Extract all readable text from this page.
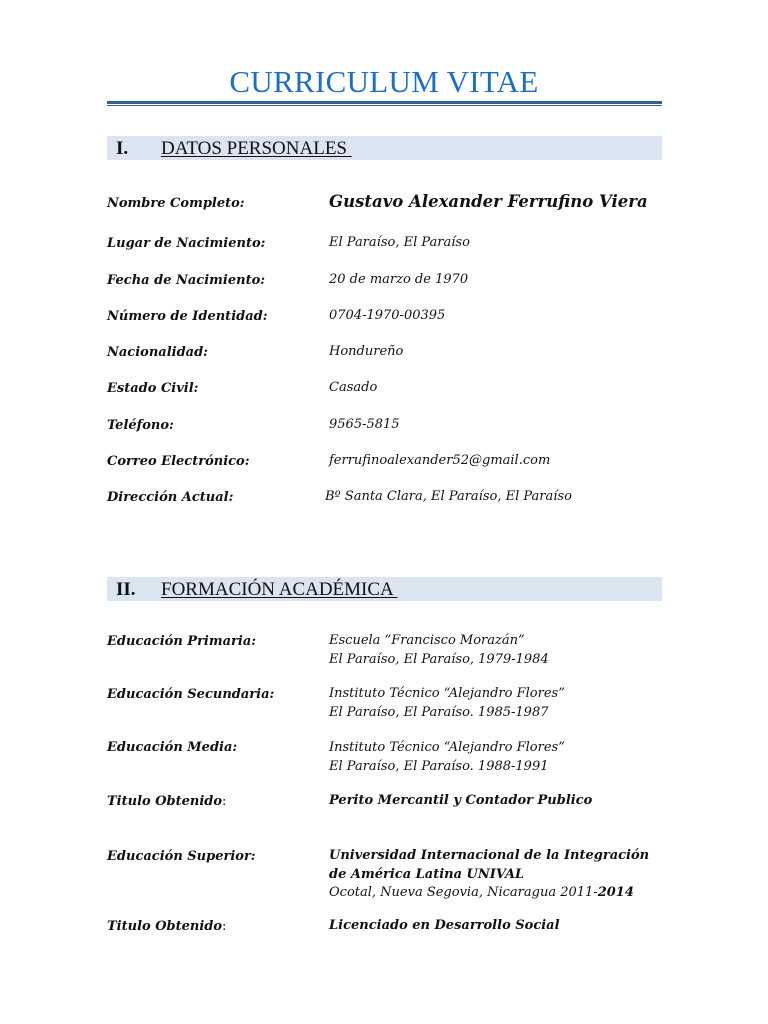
CURRICULUM VITAE
I. DATOS PERSONALES
Nombre Completo:	Gustavo Alexander Ferrufino Viera
Lugar de Nacimiento:	El Paraíso, El Paraíso
Fecha de Nacimiento:	20 de marzo de 1970
Número de Identidad:	0704-1970-00395
Nacionalidad:	Hondureño
Estado Civil:	Casado
Teléfono:	9565-5815
Correo Electrónico:	ferrufinoalexander52@gmail.com
Dirección Actual:	Bº Santa Clara, El Paraíso, El Paraíso
II. FORMACIÓN ACADÉMICA
Educación Primaria:	Escuela “Francisco Morazán”
El Paraíso, El Paraíso, 1979-1984
Educación Secundaria:	Instituto Técnico “Alejandro Flores”
El Paraíso, El Paraíso. 1985-1987
Educación Media:	Instituto Técnico “Alejandro Flores”
El Paraíso, El Paraíso. 1988-1991
Titulo Obtenido:	Perito Mercantil y Contador Publico
Educación Superior:	Universidad Internacional de la Integración
de América Latina UNIVAL
Ocotal, Nueva Segovia, Nicaragua 2011-2014
Titulo Obtenido:	Licenciado en Desarrollo Social
